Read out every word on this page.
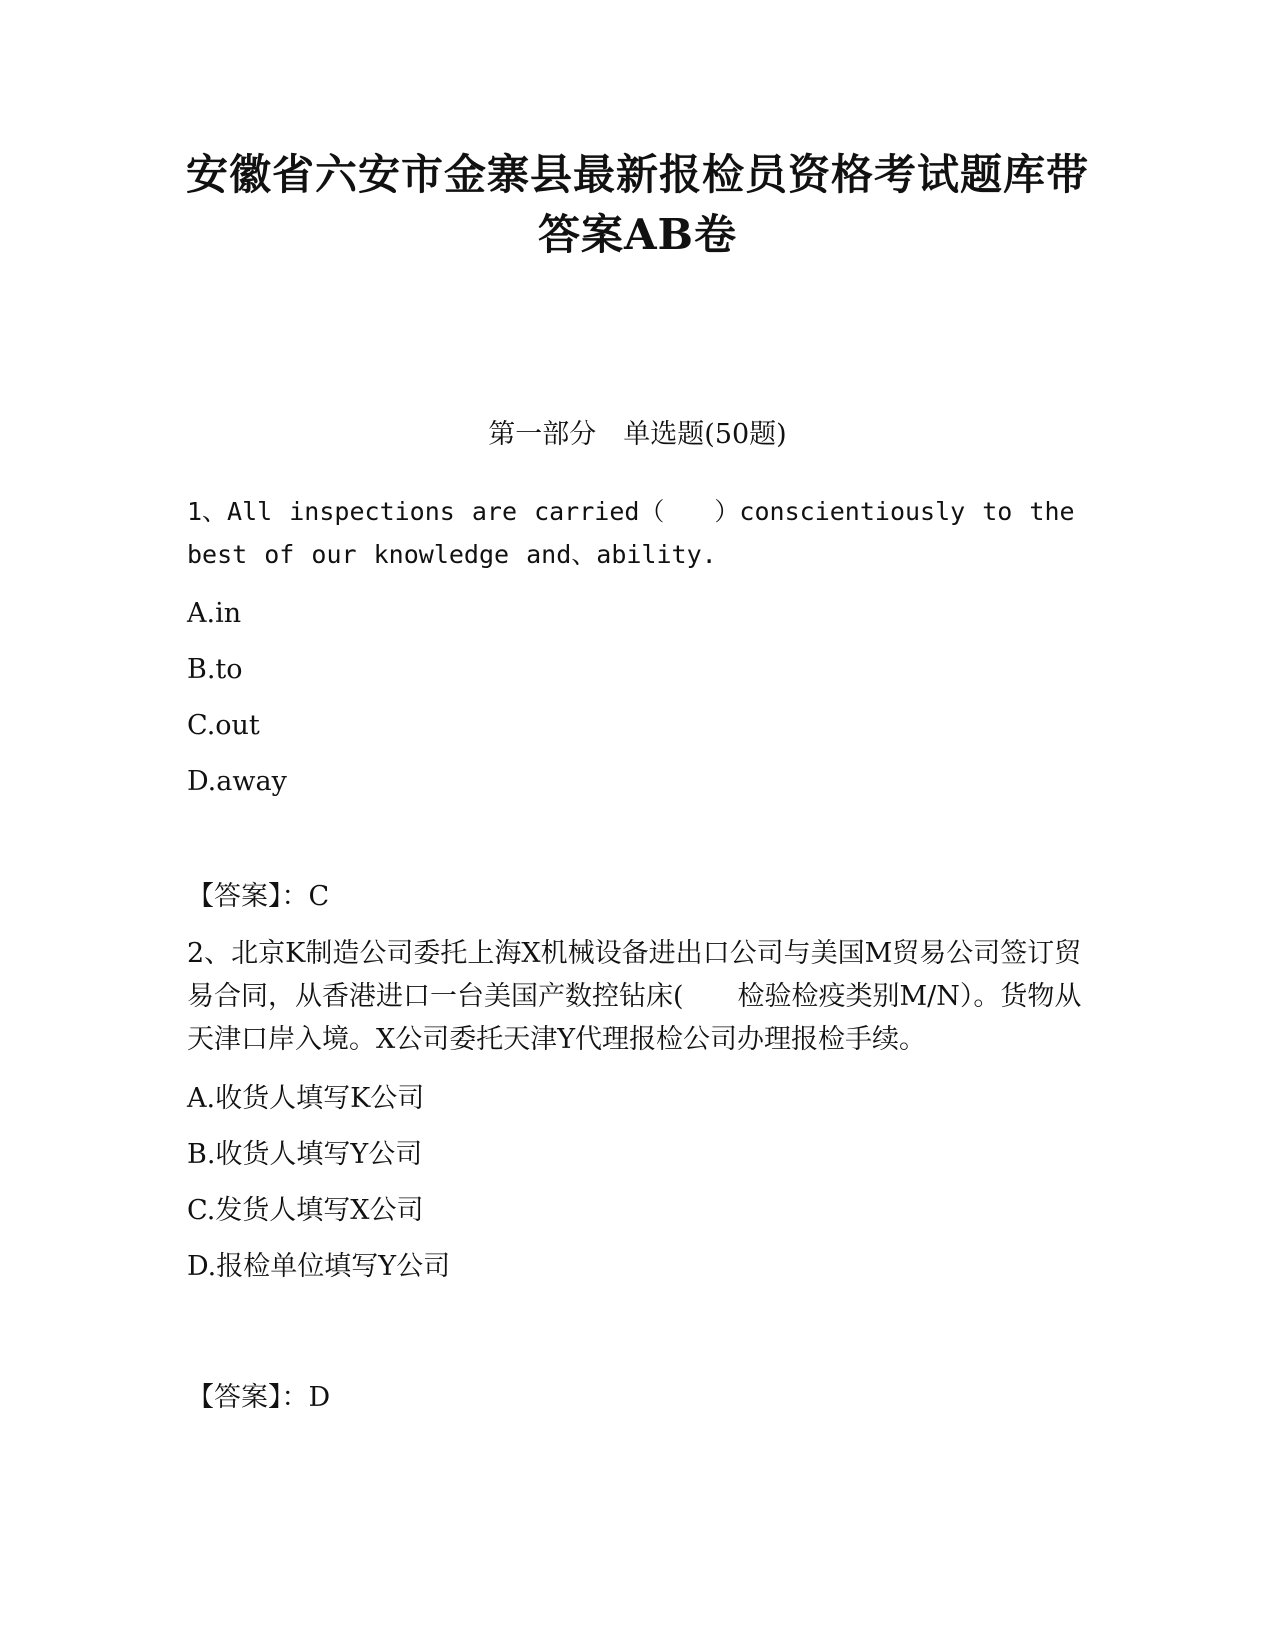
安徽省六安市金寨县最新报检员资格考试题库带
答案AB卷
第一部分　单选题(50题)

1、All inspections are carried（　　）conscientiously to the best of our knowledge and、ability.

A.in

B.to

C.out

D.away

【答案】：C

2、北京K制造公司委托上海X机械设备进出口公司与美国M贸易公司签订贸易合同，从香港进口一台美国产数控钻床(　　检验检疫类别M/N）。货物从天津口岸入境。X公司委托天津Y代理报检公司办理报检手续。

A.收货人填写K公司

B.收货人填写Y公司

C.发货人填写X公司

D.报检单位填写Y公司

【答案】：D
